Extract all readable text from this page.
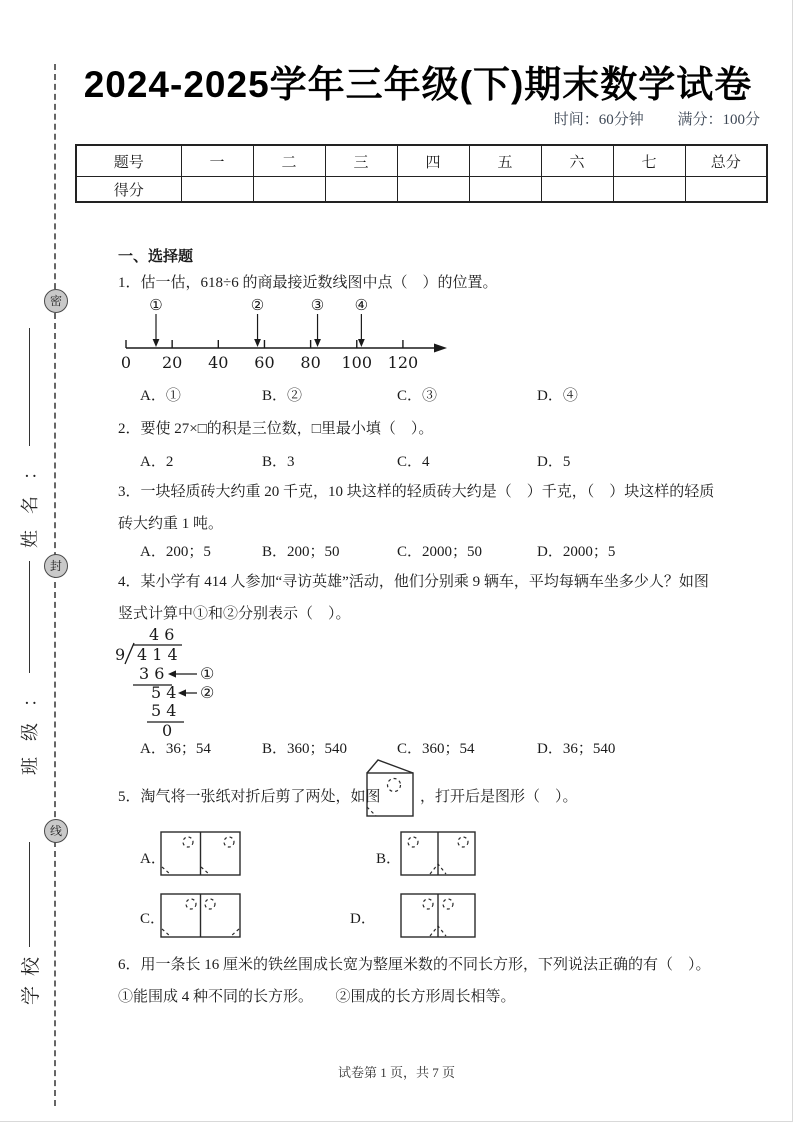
密
封
线
姓名：
班级：
学校
2024-2025学年三年级(下)期末数学试卷
时间：60分钟 满分：100分
题号	一	二	三	四	五	六	七	总分
得分								
一、选择题
1．估一估，618÷6 的商最接近数线图中点（　）的位置。
0 20 40 60 80 100 120
①	②	③ ④
A．①	B．②	C．③	D．④
2．要使 27×□的积是三位数，□里最小填（　）。
A．2	B．3	C．4	D．5
3．一块轻质砖大约重 20 千克，10 块这样的轻质砖大约是（　）千克，（　）块这样的轻质
砖大约重 1 吨。
A．200；5	B．200；50	C．2000；50	D．2000；5
4．某小学有 414 人参加“寻访英雄”活动，他们分别乘 9 辆车，平均每辆车坐多少人？如图
竖式计算中①和②分别表示（　）。
4 6
9 4 1 4
3 6 ①
5 4 ②
5 4
0
A．36；54	B．360；540	C．360；54	D．36；540
5．淘气将一张纸对折后剪了两处，如图	，打开后是图形（　）。
A．	B．
C．	D．
6．用一条长 16 厘米的铁丝围成长宽为整厘米数的不同长方形，下列说法正确的有（　）。
①能围成 4 种不同的长方形。　　②围成的长方形周长相等。
试卷第 1 页，共 7 页
